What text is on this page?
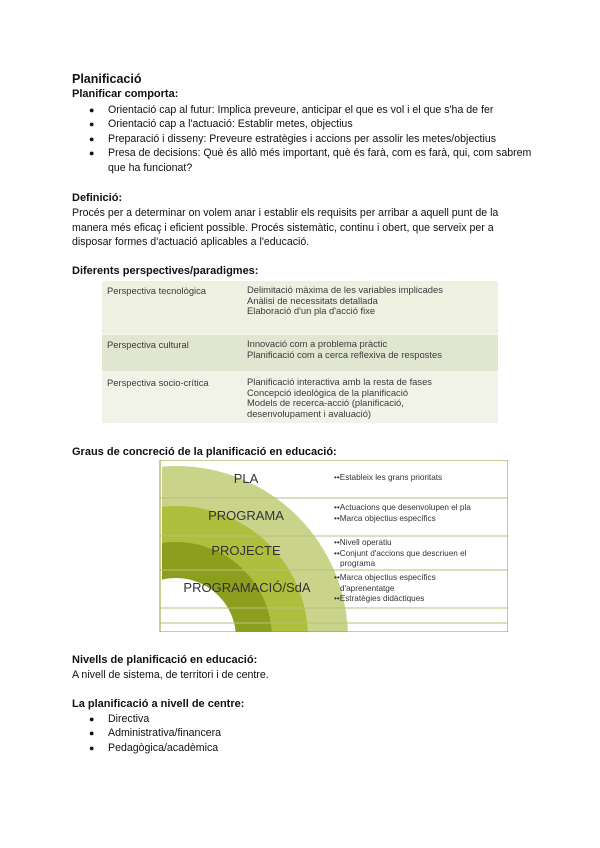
Planificació
Planificar comporta:
● Orientació cap al futur: Implica preveure, anticipar el que es vol i el que s'ha de fer
● Orientació cap a l'actuació: Establir metes, objectius
● Preparació i disseny: Preveure estratègies i accions per assolir les metes/objectius
● Presa de decisions: Què és allò més important, què és farà, com es farà, qui, com sabrem que ha funcionat?
Definició:
Procés per a determinar on volem anar i establir els requisits per arribar a aquell punt de la manera més eficaç i eficient possible. Procés sistemàtic, continu i obert, que serveix per a disposar formes d'actuació aplicables a l'educació.
Diferents perspectives/paradigmes:
Perspectiva tecnològica	Delimitació màxima de les variables implicades
Anàlisi de necessitats detallada
Elaboració d'un pla d'acció fixe
Perspectiva cultural	Innovació com a problema pràctic
Planificació com a cerca reflexiva de respostes
Perspectiva socio-crítica	Planificació interactiva amb la resta de fases
Concepció ideològica de la planificació
Models de recerca-acció (planificació,
desenvolupament i avaluació)
Graus de concreció de la planificació en educació:
PLA	••Estableix les grans prioritats
PROGRAMA
••Actuacions que desenvolupen el pla
••Marca objectius específics
PROJECTE
••Nivell operatiu
••Conjunt d'accions que descriuen el
programa
PROGRAMACIÓ/SdA
••Marca objectius específics
d'aprenentatge
••Estratègies didàctiques
Nivells de planificació en educació:
A nivell de sistema, de territori i de centre.
La planificació a nivell de centre:
● Directiva
● Administrativa/financera
● Pedagògica/acadèmica
